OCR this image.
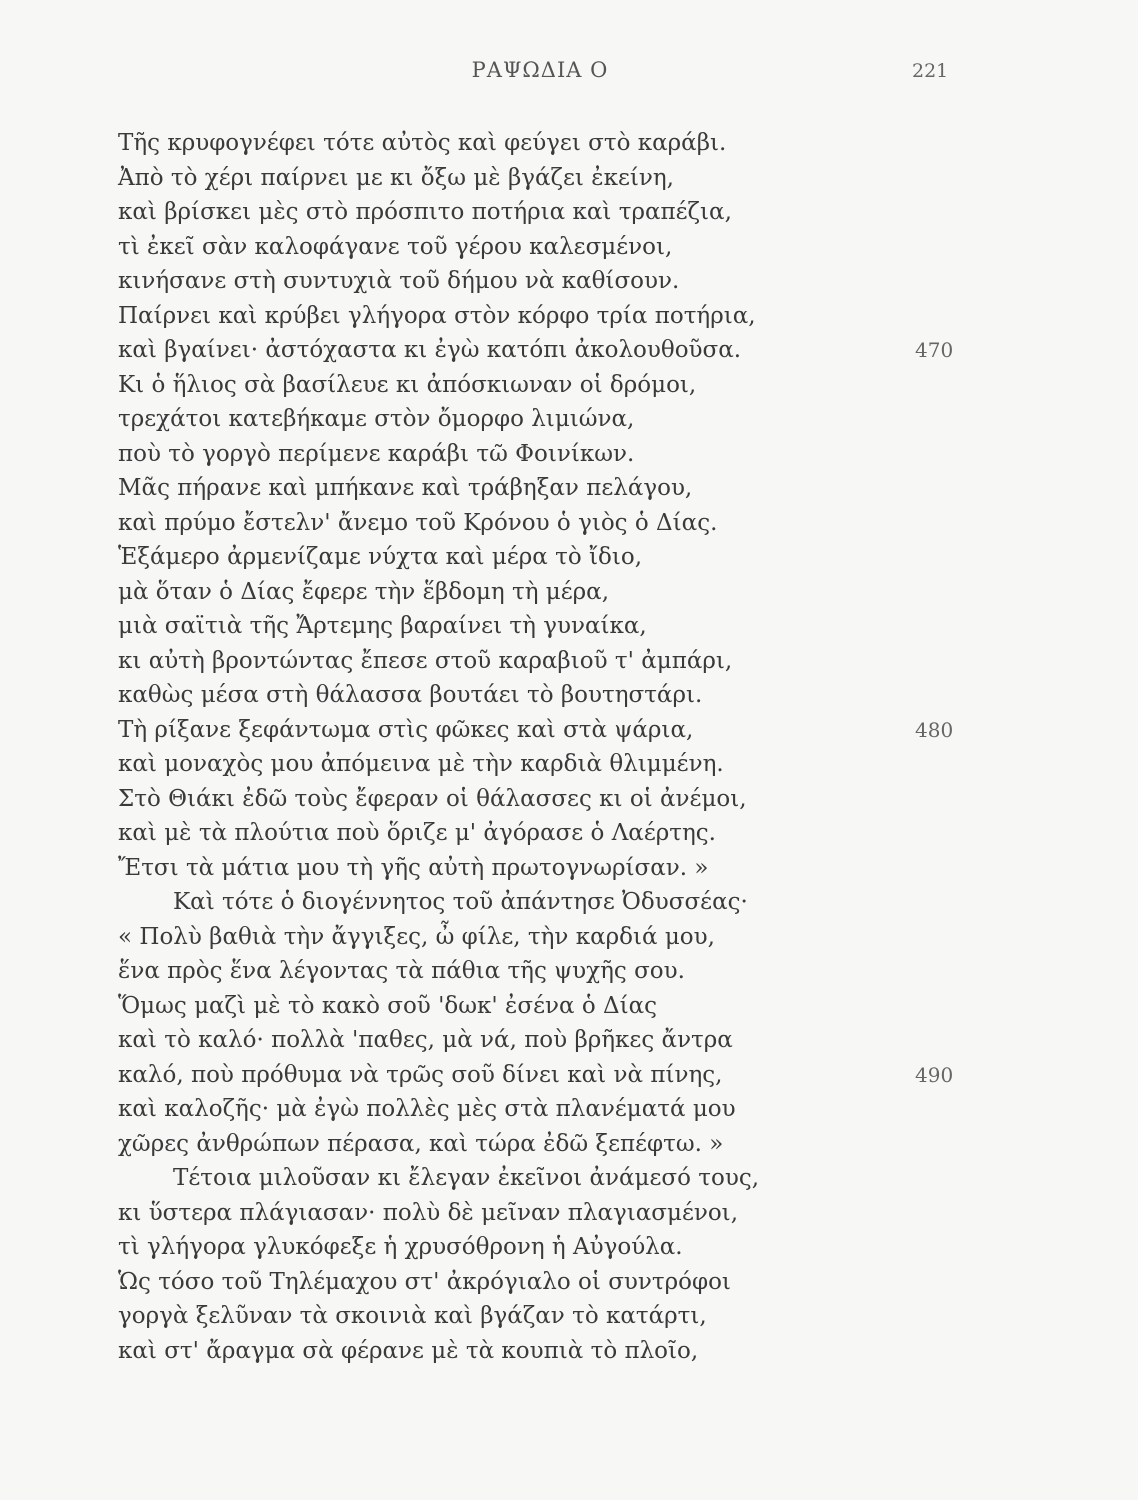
ΡΑΨΩΔΙΑ Ο	221
Τῆς κρυφογνέφει τότε αὐτὸς καὶ φεύγει στὸ καράβι.
Ἀπὸ τὸ χέρι παίρνει με κι ὄξω μὲ βγάζει ἐκείνη,
καὶ βρίσκει μὲς στὸ πρόσπιτο ποτήρια καὶ τραπέζια,
τὶ ἐκεῖ σὰν καλοφάγανε τοῦ γέρου καλεσμένοι,
κινήσανε στὴ συντυχιὰ τοῦ δήμου νὰ καθίσουν.
Παίρνει καὶ κρύβει γλήγορα στὸν κόρφο τρία ποτήρια,
καὶ βγαίνει· ἀστόχαστα κι ἐγὼ κατόπι ἀκολουθοῦσα.	470
Κι ὁ ἥλιος σὰ βασίλευε κι ἀπόσκιωναν οἱ δρόμοι,
τρεχάτοι κατεβήκαμε στὸν ὄμορφο λιμιώνα,
ποὺ τὸ γοργὸ περίμενε καράβι τῶ Φοινίκων.
Μᾶς πήρανε καὶ μπήκανε καὶ τράβηξαν πελάγου,
καὶ πρύμο ἔστελν' ἄνεμο τοῦ Κρόνου ὁ γιὸς ὁ Δίας.
Ἑξάμερο ἀρμενίζαμε νύχτα καὶ μέρα τὸ ἴδιο,
μὰ ὅταν ὁ Δίας ἔφερε τὴν ἕβδομη τὴ μέρα,
μιὰ σαϊτιὰ τῆς Ἄρτεμης βαραίνει τὴ γυναίκα,
κι αὐτὴ βροντώντας ἔπεσε στοῦ καραβιοῦ τ' ἀμπάρι,
καθὼς μέσα στὴ θάλασσα βουτάει τὸ βουτηστάρι.
Τὴ ρίξανε ξεφάντωμα στὶς φῶκες καὶ στὰ ψάρια,	480
καὶ μοναχὸς μου ἀπόμεινα μὲ τὴν καρδιὰ θλιμμένη.
Στὸ Θιάκι ἐδῶ τοὺς ἔφεραν οἱ θάλασσες κι οἱ ἀνέμοι,
καὶ μὲ τὰ πλούτια ποὺ ὅριζε μ' ἀγόρασε ὁ Λαέρτης.
Ἔτσι τὰ μάτια μου τὴ γῆς αὐτὴ πρωτογνωρίσαν. »
Καὶ τότε ὁ διογέννητος τοῦ ἀπάντησε Ὀδυσσέας·
« Πολὺ βαθιὰ τὴν ἄγγιξες, ὦ φίλε, τὴν καρδιά μου,
ἕνα πρὸς ἕνα λέγοντας τὰ πάθια τῆς ψυχῆς σου.
Ὅμως μαζὶ μὲ τὸ κακὸ σοῦ 'δωκ' ἐσένα ὁ Δίας
καὶ τὸ καλό· πολλὰ 'παθες, μὰ νά, ποὺ βρῆκες ἄντρα
καλό, ποὺ πρόθυμα νὰ τρῶς σοῦ δίνει καὶ νὰ πίνης,	490
καὶ καλοζῆς· μὰ ἐγὼ πολλὲς μὲς στὰ πλανέματά μου
χῶρες ἀνθρώπων πέρασα, καὶ τώρα ἐδῶ ξεπέφτω. »
Τέτοια μιλοῦσαν κι ἔλεγαν ἐκεῖνοι ἀνάμεσό τους,
κι ὕστερα πλάγιασαν· πολὺ δὲ μεῖναν πλαγιασμένοι,
τὶ γλήγορα γλυκόφεξε ἡ χρυσόθρονη ἡ Αὐγούλα.
Ὡς τόσο τοῦ Τηλέμαχου στ' ἀκρόγιαλο οἱ συντρόφοι
γοργὰ ξελῦναν τὰ σκοινιὰ καὶ βγάζαν τὸ κατάρτι,
καὶ στ' ἄραγμα σὰ φέρανε μὲ τὰ κουπιὰ τὸ πλοῖο,
